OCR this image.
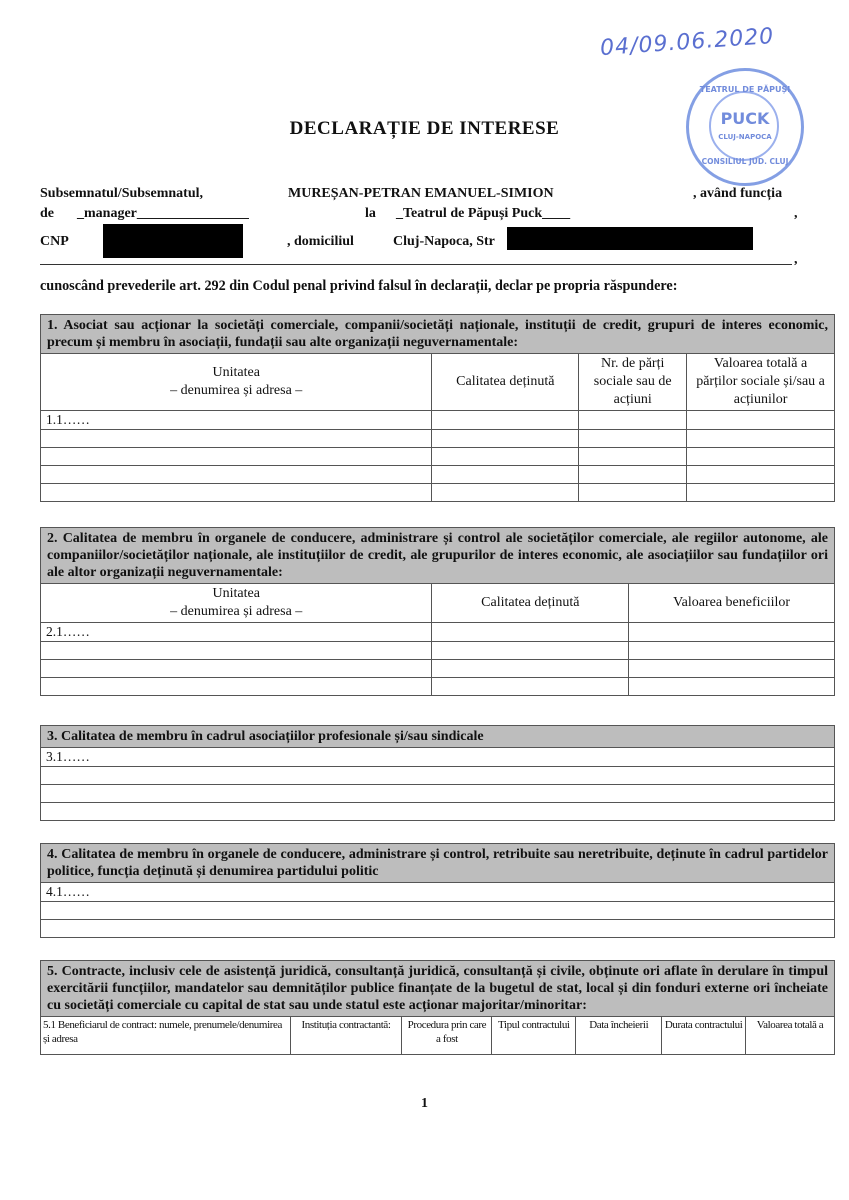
04/09.06.2020
TEATRUL DE PĂPUȘI
PUCK
CLUJ-NAPOCA
CONSILIUL JUD. CLUJ
DECLARAȚIE DE INTERESE
Subsemnatul/Subsemnatul,	MUREȘAN-PETRAN EMANUEL-SIMION	, având funcția
de _manager________________	la _Teatrul de Păpuși Puck____	,
CNP	, domiciliul	Cluj-Napoca, Str
,
cunoscând prevederile art. 292 din Codul penal privind falsul în declarații, declar pe propria răspundere:
1. Asociat sau acționar la societăți comerciale, companii/societăți naționale, instituții de credit, grupuri de interes economic, precum și membru în asociații, fundații sau alte organizații neguvernamentale:			
Unitatea
– denumirea și adresa –	Calitatea deținută	Nr. de părți sociale sau de acțiuni	Valoarea totală a părților sociale și/sau a acțiunilor
1.1……			

2. Calitatea de membru în organele de conducere, administrare și control ale societăților comerciale, ale regiilor autonome, ale companiilor/societăților naționale, ale instituțiilor de credit, ale grupurilor de interes economic, ale asociațiilor sau fundațiilor ori ale altor organizații neguvernamentale:		
Unitatea
– denumirea și adresa –	Calitatea deținută	Valoarea beneficiilor
2.1……		

3. Calitatea de membru în cadrul asociațiilor profesionale și/sau sindicale
3.1……

4. Calitatea de membru în organele de conducere, administrare și control, retribuite sau neretribuite, deținute în cadrul partidelor politice, funcția deținută și denumirea partidului politic
4.1……

5. Contracte, inclusiv cele de asistență juridică, consultanță juridică, consultanță și civile, obținute ori aflate în derulare în timpul exercitării funcțiilor, mandatelor sau demnităților publice finanțate de la bugetul de stat, local și din fonduri externe ori încheiate cu societăți comerciale cu capital de stat sau unde statul este acționar majoritar/minoritar:
5.1 Beneficiarul de contract: numele, prenumele/denumirea și adresa	Instituția contractantă:	Procedura prin care a fost	Tipul contractului	Data încheierii	Durata contractului	Valoarea totală a
1
